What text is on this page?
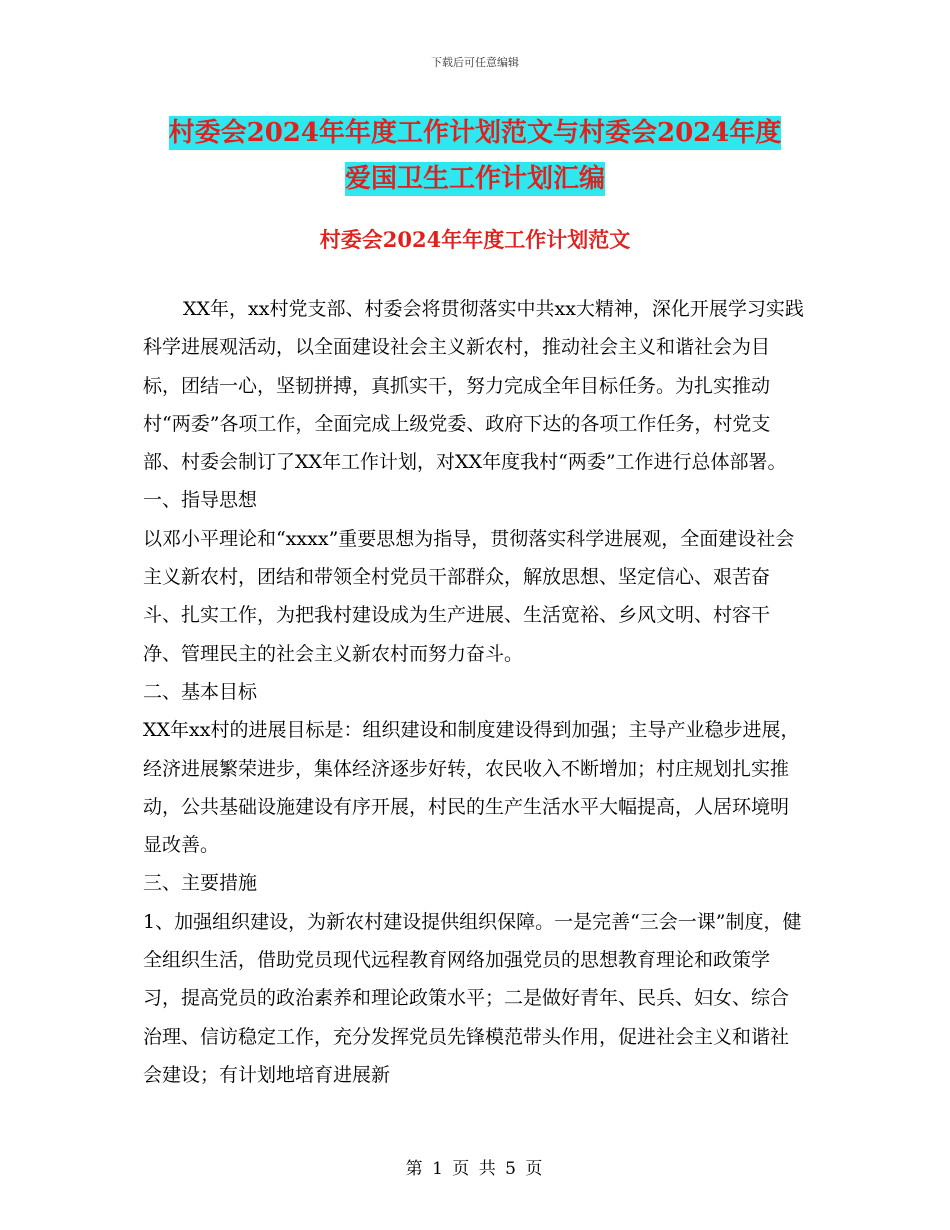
下载后可任意编辑
村委会2024年年度工作计划范文与村委会2024年度
爱国卫生工作计划汇编
村委会2024年年度工作计划范文

XX年，xx村党支部、村委会将贯彻落实中共xx大精神，深化开展学习实践科学进展观活动，以全面建设社会主义新农村，推动社会主义和谐社会为目标，团结一心，坚韧拼搏，真抓实干，努力完成全年目标任务。为扎实推动村“两委”各项工作，全面完成上级党委、政府下达的各项工作任务，村党支部、村委会制订了XX年工作计划，对XX年度我村“两委”工作进行总体部署。

一、指导思想

以邓小平理论和“xxxx”重要思想为指导，贯彻落实科学进展观，全面建设社会主义新农村，团结和带领全村党员干部群众，解放思想、坚定信心、艰苦奋斗、扎实工作，为把我村建设成为生产进展、生活宽裕、乡风文明、村容干净、管理民主的社会主义新农村而努力奋斗。

二、基本目标

XX年xx村的进展目标是：组织建设和制度建设得到加强；主导产业稳步进展，经济进展繁荣进步，集体经济逐步好转，农民收入不断增加；村庄规划扎实推动，公共基础设施建设有序开展，村民的生产生活水平大幅提高，人居环境明显改善。

三、主要措施

1、加强组织建设，为新农村建设提供组织保障。一是完善“三会一课”制度，健全组织生活，借助党员现代远程教育网络加强党员的思想教育理论和政策学习，提高党员的政治素养和理论政策水平；二是做好青年、民兵、妇女、综合治理、信访稳定工作，充分发挥党员先锋模范带头作用，促进社会主义和谐社会建设；有计划地培育进展新

第 1 页 共 5 页
